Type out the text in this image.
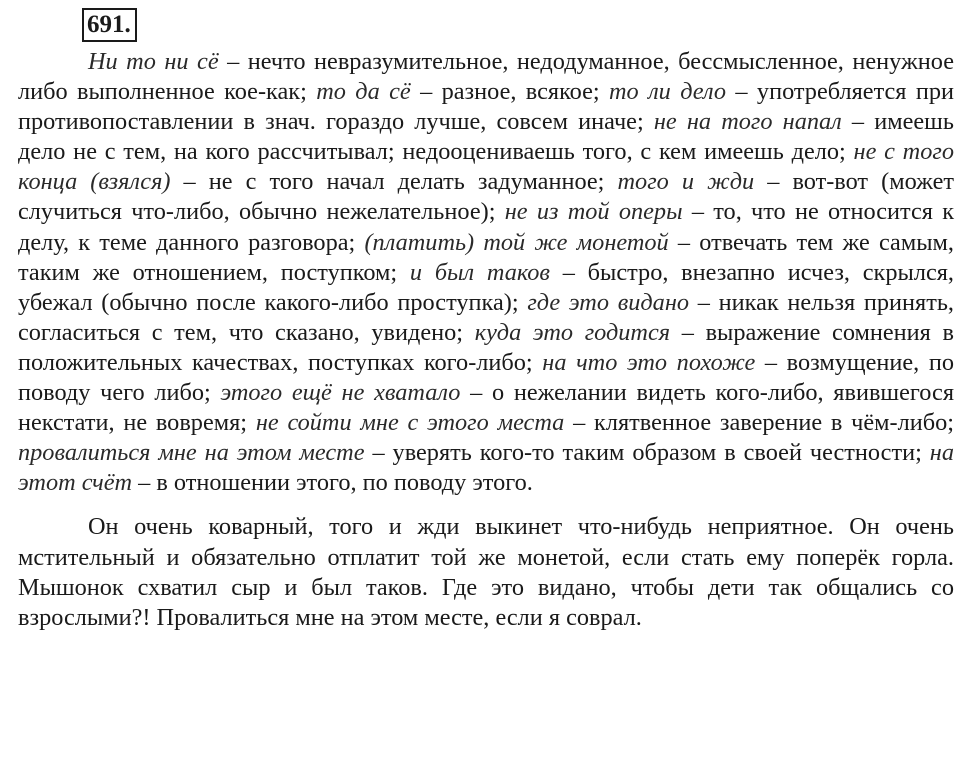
691.

Ни то ни сё – нечто невразумительное, недодуманное, бессмысленное, ненужное либо выполненное кое-как; то да сё – разное, всякое; то ли дело – употребляется при противопоставлении в знач. гораздо лучше, совсем иначе; не на того напал – имеешь дело не с тем, на кого рассчитывал; недооцениваешь того, с кем имеешь дело; не с того конца (взялся) – не с того начал делать задуманное; того и жди – вот-вот (может случиться что-либо, обычно нежелательное); не из той оперы – то, что не относится к делу, к теме данного разговора; (платить) той же монетой – отвечать тем же самым, таким же отношением, поступком; и был таков – быстро, внезапно исчез, скрылся, убежал (обычно после какого-либо проступка); где это видано – никак нельзя принять, согласиться с тем, что сказано, увидено; куда это годится – выражение сомнения в положительных качествах, поступках кого-либо; на что это похоже – возмущение, по поводу чего либо; этого ещё не хватало – о нежелании видеть кого-либо, явившегося некстати, не вовремя; не сойти мне с этого места – клятвенное заверение в чём-либо; провалиться мне на этом месте – уверять кого-то таким образом в своей честности; на этот счёт – в отношении этого, по поводу этого.

Он очень коварный, того и жди выкинет что-нибудь неприятное. Он очень мстительный и обязательно отплатит той же монетой, если стать ему поперёк горла. Мышонок схватил сыр и был таков. Где это видано, чтобы дети так общались со взрослыми?! Провалиться мне на этом месте, если я соврал.
